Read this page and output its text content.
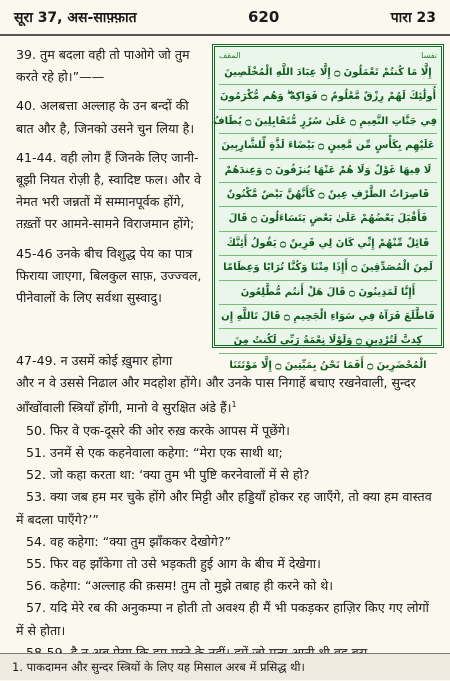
सूरा 37, अस-साफ़्फ़ात	620	पारा 23
المقف	نفسا
إِلَّا مَا كُنتُمْ تَعْمَلُونَ ۝ إِلَّا عِبَادَ اللَّهِ الْمُخْلَصِينَ
أُولَٰئِكَ لَهُمْ رِزْقٌ مَّعْلُومٌ ۝ فَوَاكِهُ ۖ وَهُم مُّكْرَمُونَ
فِي جَنَّاتِ النَّعِيمِ ۝ عَلَىٰ سُرُرٍ مُّتَقَابِلِينَ ۝ يُطَافُ
عَلَيْهِم بِكَأْسٍ مِّن مَّعِينٍ ۝ بَيْضَاءَ لَذَّةٍ لِّلشَّارِبِينَ
لَا فِيهَا غَوْلٌ وَلَا هُمْ عَنْهَا يُنزَفُونَ ۝ وَعِندَهُمْ
قَاصِرَاتُ الطَّرْفِ عِينٌ ۝ كَأَنَّهُنَّ بَيْضٌ مَّكْنُونٌ
فَأَقْبَلَ بَعْضُهُمْ عَلَىٰ بَعْضٍ يَتَسَاءَلُونَ ۝ قَالَ
قَائِلٌ مِّنْهُمْ إِنِّي كَانَ لِي قَرِينٌ ۝ يَقُولُ أَئِنَّكَ
لَمِنَ الْمُصَدِّقِينَ ۝ أَإِذَا مِتْنَا وَكُنَّا تُرَابًا وَعِظَامًا
أَإِنَّا لَمَدِينُونَ ۝ قَالَ هَلْ أَنتُم مُّطَّلِعُونَ
فَاطَّلَعَ فَرَآهُ فِي سَوَاءِ الْجَحِيمِ ۝ قَالَ تَاللَّهِ إِن
كِدتَّ لَتُرْدِينِ ۝ وَلَوْلَا نِعْمَةُ رَبِّي لَكُنتُ مِنَ
الْمُحْضَرِينَ ۝ أَفَمَا نَحْنُ بِمَيِّتِينَ ۝ إِلَّا مَوْتَتَنَا

39. तुम बदला वही तो पाओगे जो तुम करते रहे हो।”——

40. अलबत्ता अल्लाह के उन बन्दों की बात और है, जिनको उसने चुन लिया है।

41-44. वही लोग हैं जिनके लिए जानी-बूझी नियत रोज़ी है, स्वादिष्ट फल। और वे नेमत भरी जन्नतों में सम्मानपूर्वक होंगे, तख़्तों पर आमने-सामने विराजमान होंगे;

45-46 उनके बीच विशुद्ध पेय का पात्र फिराया जाएगा, बिलकुल साफ़, उज्ज्वल, पीनेवालों के लिए सर्वथा सुस्वादु।

47-49. न उसमें कोई ख़ुमार होगा

और न वे उससे निढाल और मदहोश होंगे। और उनके पास निगाहें बचाए रखनेवाली, सुन्दर आँखोंवाली स्त्रियाँ होंगी, मानो वे सुरक्षित अंडे हैं।$^1$

50. फिर वे एक-दूसरे की ओर रुख़ करके आपस में पूछेंगे।

51. उनमें से एक कहनेवाला कहेगा: “मेरा एक साथी था;

52. जो कहा करता था: ‘क्या तुम भी पुष्टि करनेवालों में से हो?

53. क्या जब हम मर चुके होंगे और मिट्टी और हड्डियाँ होकर रह जाएँगे, तो क्या हम वास्तव में बदला पाएँगे?’”

54. वह कहेगा: “क्या तुम झाँककर देखोगे?”

55. फिर वह झाँकेगा तो उसे भड़कती हुई आग के बीच में देखेगा।

56. कहेगा: “अल्लाह की क़सम! तुम तो मुझे तबाह ही करने को थे।

57. यदि मेरे रब की अनुकम्पा न होती तो अवश्य ही मैं भी पकड़कर हाज़िर किए गए लोगों में से होता।

1. पाकदामन और सुन्दर स्त्रियों के लिए यह मिसाल अरब में प्रसिद्ध थी।
